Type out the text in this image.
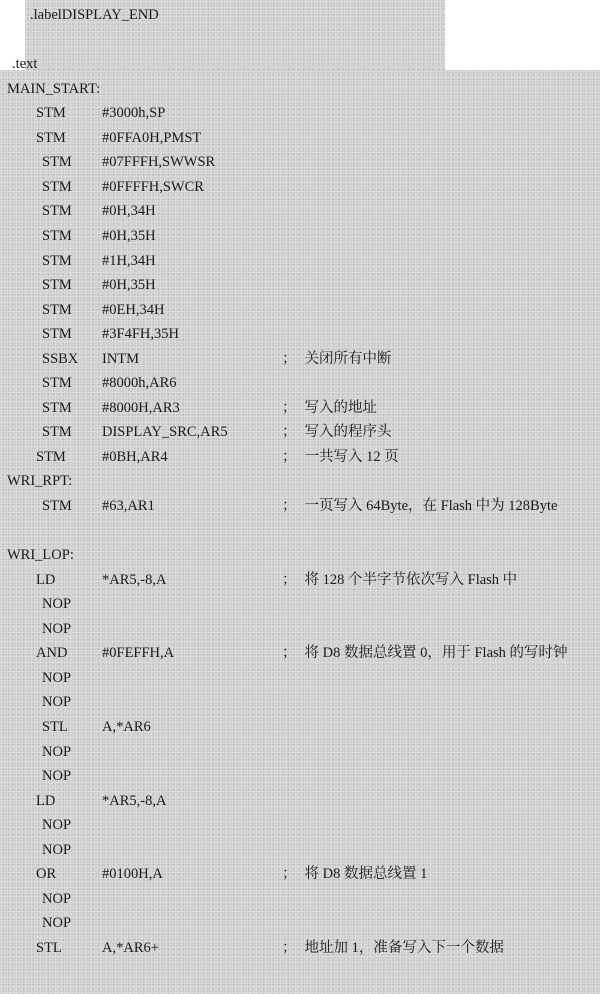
.labelDISPLAY_END
.text
MAIN_START:
STM #3000h,SP
STM #0FFA0H,PMST
STM #07FFFH,SWWSR
STM #0FFFFH,SWCR
STM #0H,34H
STM #0H,35H
STM #1H,34H
STM #0H,35H
STM #0EH,34H
STM #3F4FH,35H
SSBX INTM	； 关闭所有中断
STM #8000h,AR6
STM #8000H,AR3	； 写入的地址
STM DISPLAY_SRC,AR5	； 写入的程序头
STM #0BH,AR4	； 一共写入 12 页
WRI_RPT:
STM #63,AR1	； 一页写入 64Byte，在 Flash 中为 128Byte
WRI_LOP:
LD	*AR5,-8,A	； 将 128 个半字节依次写入 Flash 中
NOP
NOP
AND #0FEFFH,A	； 将 D8 数据总线置 0，用于 Flash 的写时钟
NOP
NOP
STL A,*AR6
NOP
NOP
LD	*AR5,-8,A
NOP
NOP
OR	#0100H,A	； 将 D8 数据总线置 1
NOP
NOP
STL	A,*AR6+	； 地址加 1，准备写入下一个数据
